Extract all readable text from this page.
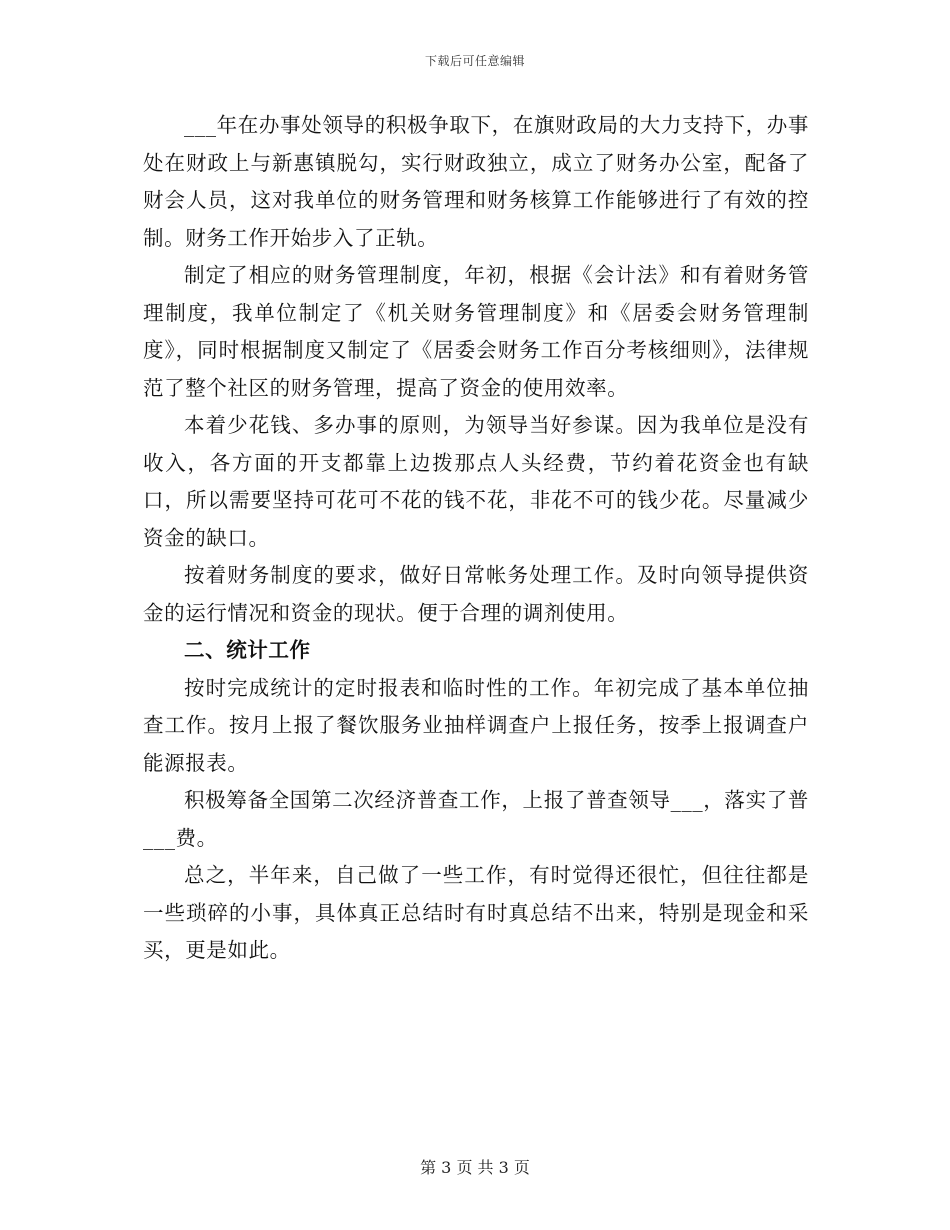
下载后可任意编辑

___年在办事处领导的积极争取下，在旗财政局的大力支持下，办事处在财政上与新惠镇脱勾，实行财政独立，成立了财务办公室，配备了财会人员，这对我单位的财务管理和财务核算工作能够进行了有效的控制。财务工作开始步入了正轨。

制定了相应的财务管理制度，年初，根据《会计法》和有着财务管理制度，我单位制定了《机关财务管理制度》和《居委会财务管理制度》，同时根据制度又制定了《居委会财务工作百分考核细则》，法律规范了整个社区的财务管理，提高了资金的使用效率。

本着少花钱、多办事的原则，为领导当好参谋。因为我单位是没有收入，各方面的开支都靠上边拨那点人头经费，节约着花资金也有缺口，所以需要坚持可花可不花的钱不花，非花不可的钱少花。尽量减少资金的缺口。

按着财务制度的要求，做好日常帐务处理工作。及时向领导提供资金的运行情况和资金的现状。便于合理的调剂使用。

二、统计工作

按时完成统计的定时报表和临时性的工作。年初完成了基本单位抽查工作。按月上报了餐饮服务业抽样调查户上报任务，按季上报调查户能源报表。

积极筹备全国第二次经济普查工作，上报了普查领导___，落实了普___费。

总之，半年来，自己做了一些工作，有时觉得还很忙，但往往都是一些琐碎的小事，具体真正总结时有时真总结不出来，特别是现金和采买，更是如此。

第 3 页 共 3 页
